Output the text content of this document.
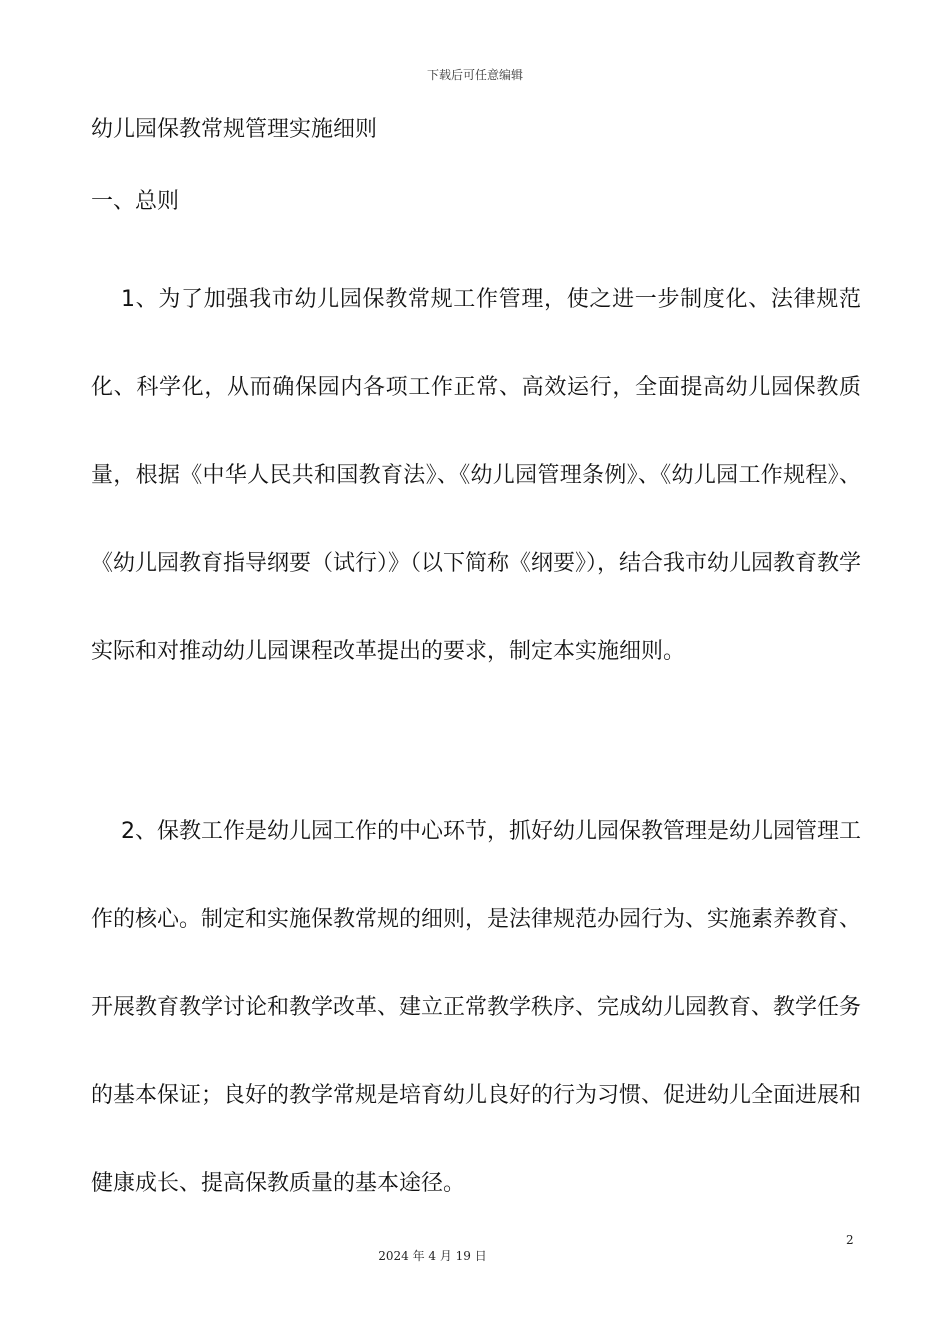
下载后可任意编辑
幼儿园保教常规管理实施细则
一、总则

1、为了加强我市幼儿园保教常规工作管理，使之进一步制度化、法律规范化、科学化，从而确保园内各项工作正常、高效运行，全面提高幼儿园保教质量，根据《中华人民共和国教育法》、《幼儿园管理条例》、《幼儿园工作规程》、《幼儿园教育指导纲要（试行）》（以下简称《纲要》），结合我市幼儿园教育教学实际和对推动幼儿园课程改革提出的要求，制定本实施细则。

2、保教工作是幼儿园工作的中心环节，抓好幼儿园保教管理是幼儿园管理工作的核心。制定和实施保教常规的细则，是法律规范办园行为、实施素养教育、开展教育教学讨论和教学改革、建立正常教学秩序、完成幼儿园教育、教学任务的基本保证；良好的教学常规是培育幼儿良好的行为习惯、促进幼儿全面进展和健康成长、提高保教质量的基本途径。

2
2024 年 4 月 19 日
